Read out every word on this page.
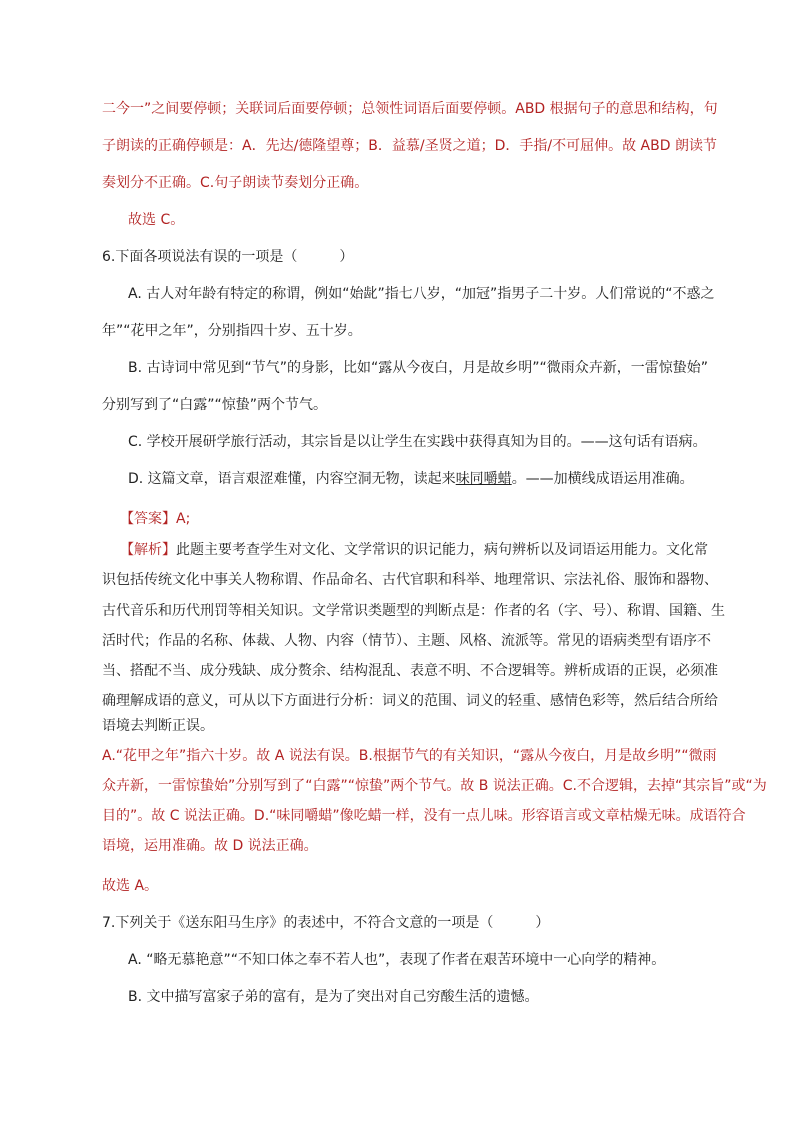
二今一”之间要停顿；关联词后面要停顿；总领性词语后面要停顿。ABD 根据句子的意思和结构，句
子朗读的正确停顿是：A．先达/德隆望尊；B．益慕/圣贤之道；D．手指/不可屈伸。故 ABD 朗读节
奏划分不正确。C.句子朗读节奏划分正确。
故选 C。
6.下面各项说法有误的一项是（　　　）
A. 古人对年龄有特定的称谓，例如“始龀”指七八岁，“加冠”指男子二十岁。人们常说的“不惑之
年”“花甲之年”，分别指四十岁、五十岁。
B. 古诗词中常见到“节气”的身影，比如“露从今夜白，月是故乡明”“微雨众卉新，一雷惊蛰始”
分别写到了“白露”“惊蛰”两个节气。
C. 学校开展研学旅行活动，其宗旨是以让学生在实践中获得真知为目的。——这句话有语病。
D. 这篇文章，语言艰涩难懂，内容空洞无物，读起来味同嚼蜡。——加横线成语运用准确。
【答案】A;
【解析】此题主要考查学生对文化、文学常识的识记能力，病句辨析以及词语运用能力。文化常
识包括传统文化中事关人物称谓、作品命名、古代官职和科举、地理常识、宗法礼俗、服饰和器物、
古代音乐和历代刑罚等相关知识。文学常识类题型的判断点是：作者的名（字、号）、称谓、国籍、生
活时代；作品的名称、体裁、人物、内容（情节）、主题、风格、流派等。常见的语病类型有语序不
当、搭配不当、成分残缺、成分赘余、结构混乱、表意不明、不合逻辑等。辨析成语的正误，必须准
确理解成语的意义，可从以下方面进行分析：词义的范围、词义的轻重、感情色彩等，然后结合所给
语境去判断正误。
A.“花甲之年”指六十岁。故 A 说法有误。B.根据节气的有关知识，“露从今夜白，月是故乡明”“微雨
众卉新，一雷惊蛰始”分别写到了“白露”“惊蛰”两个节气。故 B 说法正确。C.不合逻辑，去掉“其宗旨”或“为
目的”。故 C 说法正确。D.“味同嚼蜡”像吃蜡一样，没有一点儿味。形容语言或文章枯燥无味。成语符合
语境，运用准确。故 D 说法正确。
故选 A。
7.下列关于《送东阳马生序》的表述中，不符合文意的一项是（　　　）
A. “略无慕艳意”“不知口体之奉不若人也”，表现了作者在艰苦环境中一心向学的精神。
B. 文中描写富家子弟的富有，是为了突出对自己穷酸生活的遗憾。
